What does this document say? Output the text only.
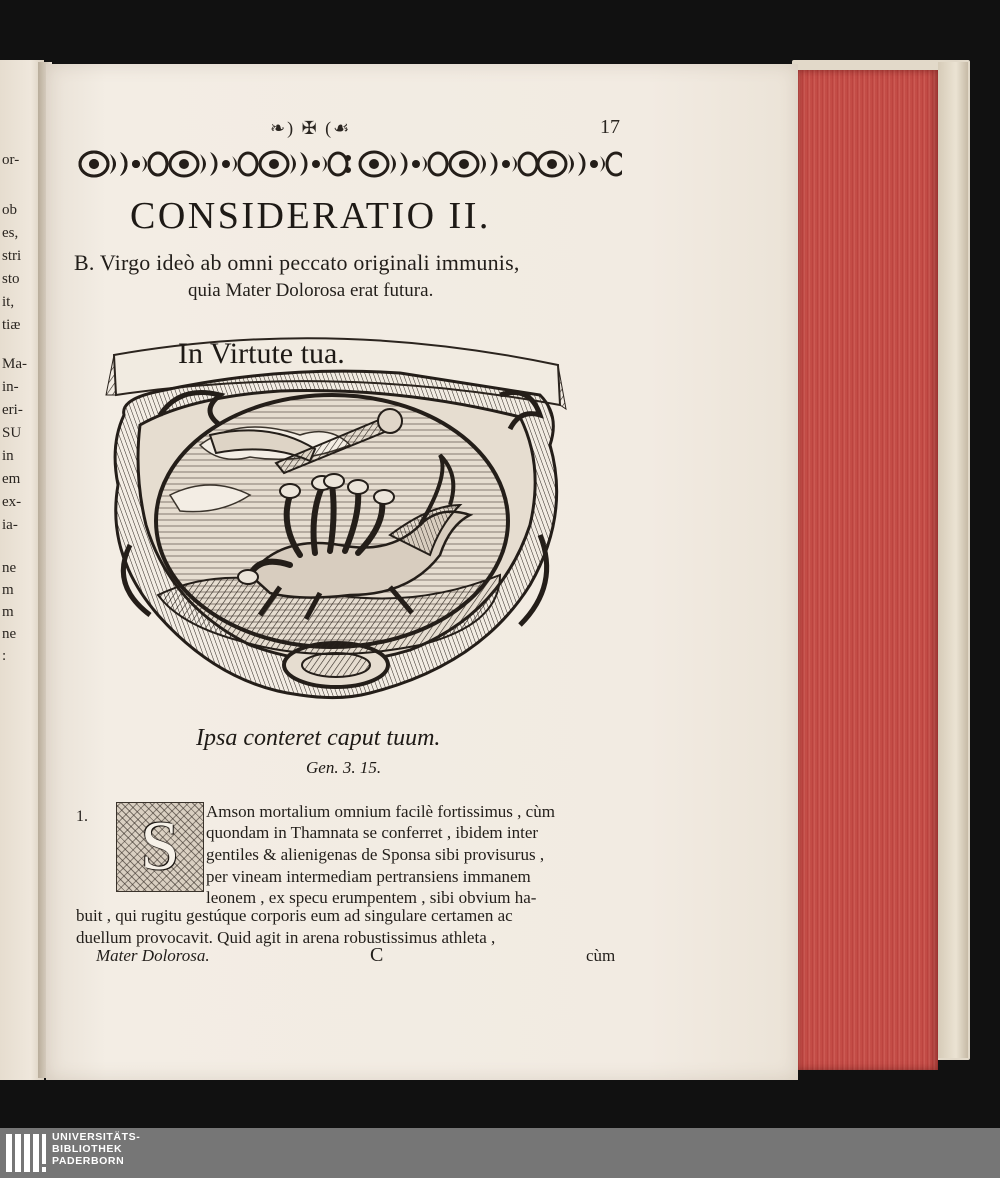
or-
ob
es,
stri
sto
it,
tiæ
Ma-
in-
eri-
SU
in
em
ex-
ia-
ne
m
m
ne
:
❧) ✠ (☙	17
CONSIDERATIO II.
B. Virgo ideò ab omni peccato originali immunis,
quia Mater Dolorosa erat futura.
In Virtute tua.
Ipsa conteret caput tuum.
Gen. 3. 15.
1. S	Amson mortalium omnium facilè fortissimus , cùm
quondam in Thamnata se conferret , ibidem inter
gentiles & alienigenas de Sponsa sibi provisurus ,
per vineam intermediam pertransiens immanem
leonem , ex specu erumpentem , sibi obvium ha-
buit , qui rugitu gestúque corporis eum ad singulare certamen ac
duellum provocavit. Quid agit in arena robustissimus athleta ,
Mater Dolorosa.	C	cùm
UNIVERSITÄTS-
BIBLIOTHEK
PADERBORN
